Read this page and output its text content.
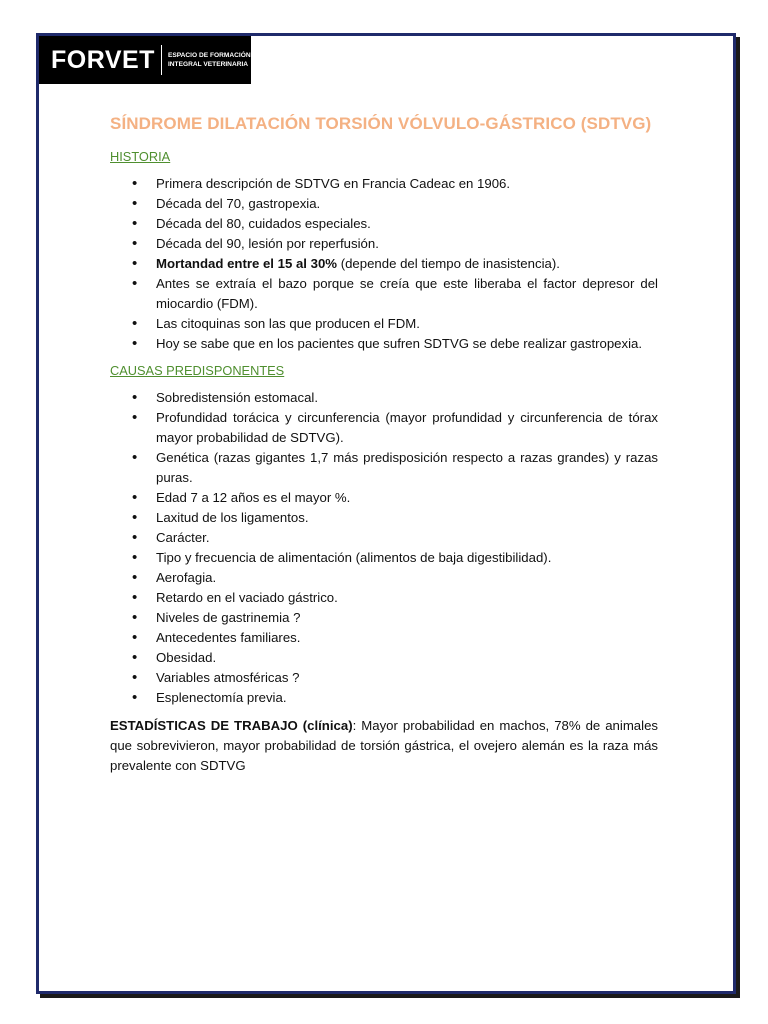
FORVET ESPACIO DE FORMACIÓN
INTEGRAL VETERINARIA
SÍNDROME DILATACIÓN TORSIÓN VÓLVULO-GÁSTRICO (SDTVG)
HISTORIA
• Primera descripción de SDTVG en Francia Cadeac en 1906.
• Década del 70, gastropexia.
• Década del 80, cuidados especiales.
• Década del 90, lesión por reperfusión.
• Mortandad entre el 15 al 30% (depende del tiempo de inasistencia).
• Antes se extraía el bazo porque se creía que este liberaba el factor depresor del miocardio (FDM).
• Las citoquinas son las que producen el FDM.
• Hoy se sabe que en los pacientes que sufren SDTVG se debe realizar gastropexia.
CAUSAS PREDISPONENTES
• Sobredistensión estomacal.
• Profundidad torácica y circunferencia (mayor profundidad y circunferencia de tórax mayor probabilidad de SDTVG).
• Genética (razas gigantes 1,7 más predisposición respecto a razas grandes) y razas puras.
• Edad 7 a 12 años es el mayor %.
• Laxitud de los ligamentos.
• Carácter.
• Tipo y frecuencia de alimentación (alimentos de baja digestibilidad).
• Aerofagia.
• Retardo en el vaciado gástrico.
• Niveles de gastrinemia ?
• Antecedentes familiares.
• Obesidad.
• Variables atmosféricas ?
• Esplenectomía previa.

ESTADÍSTICAS DE TRABAJO (clínica): Mayor probabilidad en machos, 78% de animales que sobrevivieron, mayor probabilidad de torsión gástrica, el ovejero alemán es la raza más prevalente con SDTVG
